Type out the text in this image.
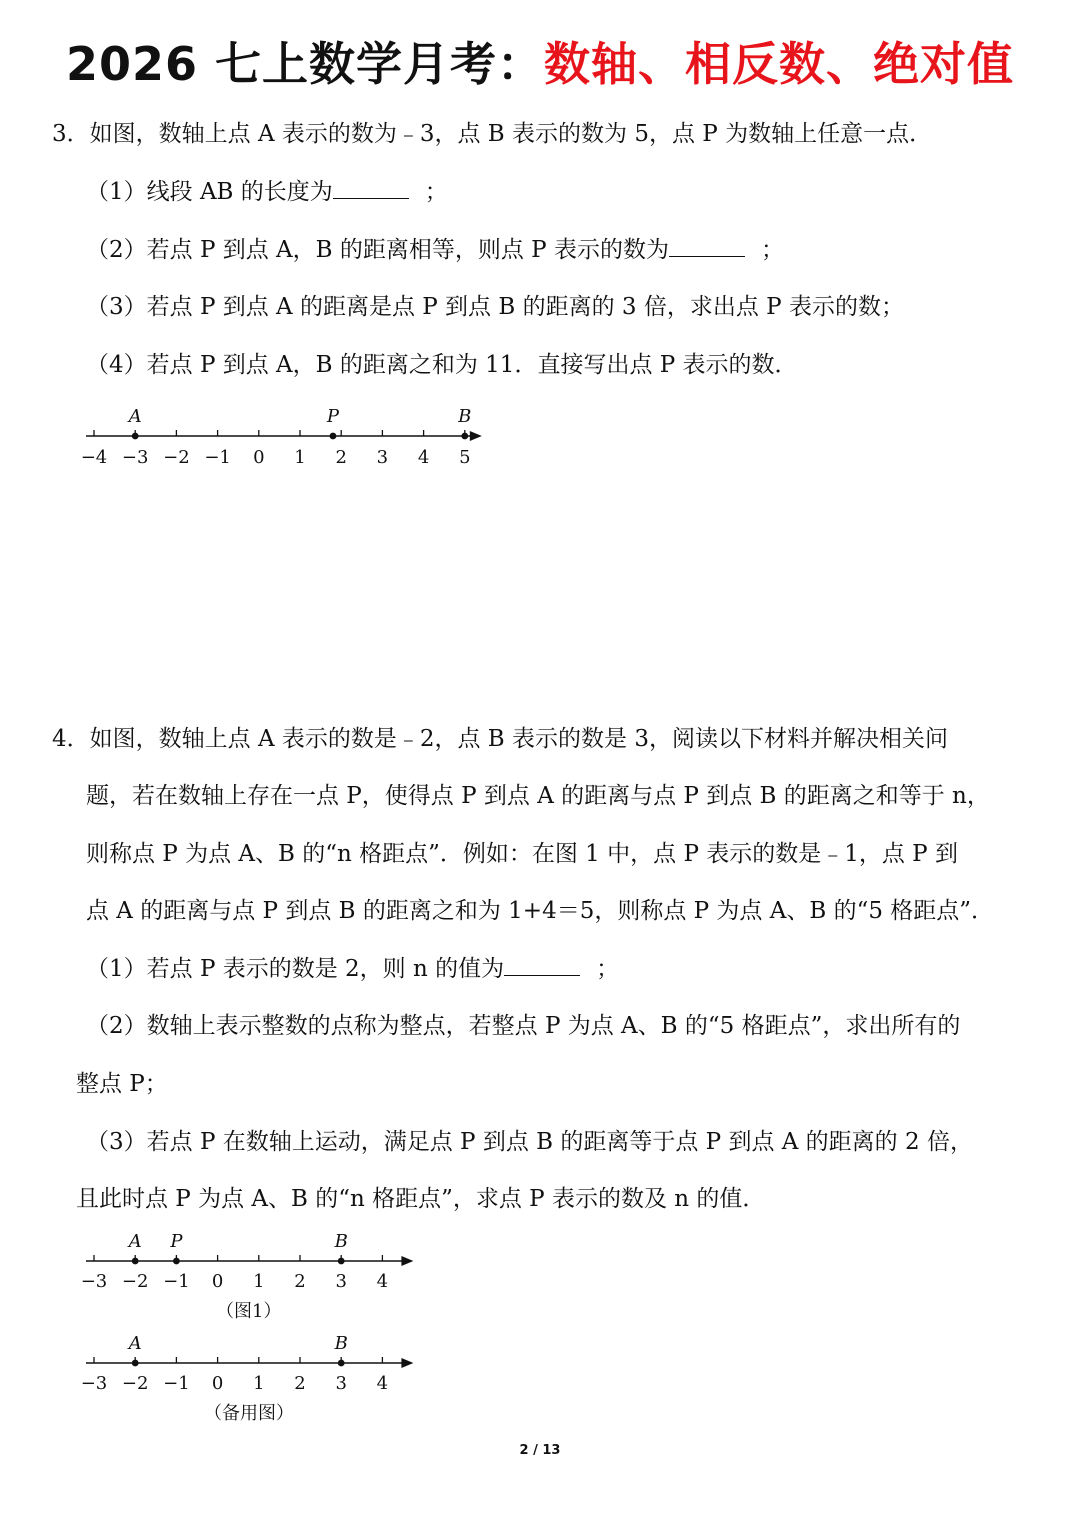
2026 七上数学月考：数轴、相反数、绝对值
3．如图，数轴上点 A 表示的数为﹣3，点 B 表示的数为 5，点 P 为数轴上任意一点．
（1）线段 AB 的长度为	；
（2）若点 P 到点 A，B 的距离相等，则点 P 表示的数为	；
（3）若点 P 到点 A 的距离是点 P 到点 B 的距离的 3 倍，求出点 P 表示的数；
（4）若点 P 到点 A，B 的距离之和为 11．直接写出点 P 表示的数．
−4 −3 −2 −1 0 1 2 3 4 5
A	P	B
4．如图，数轴上点 A 表示的数是﹣2，点 B 表示的数是 3，阅读以下材料并解决相关问
题，若在数轴上存在一点 P，使得点 P 到点 A 的距离与点 P 到点 B 的距离之和等于 n，
则称点 P 为点 A、B 的“n 格距点”．例如：在图 1 中，点 P 表示的数是﹣1，点 P 到
点 A 的距离与点 P 到点 B 的距离之和为 1+4＝5，则称点 P 为点 A、B 的“5 格距点”．
（1）若点 P 表示的数是 2，则 n 的值为	；
（2）数轴上表示整数的点称为整点，若整点 P 为点 A、B 的“5 格距点”，求出所有的
整点 P；
（3）若点 P 在数轴上运动，满足点 P 到点 B 的距离等于点 P 到点 A 的距离的 2 倍，
且此时点 P 为点 A、B 的“n 格距点”，求点 P 表示的数及 n 的值．
−3 −2 −1 0 1 2 3 4
A P	B
（图1）
−3 −2 −1 0 1 2 3 4
A	B
（备用图）
2 / 13
